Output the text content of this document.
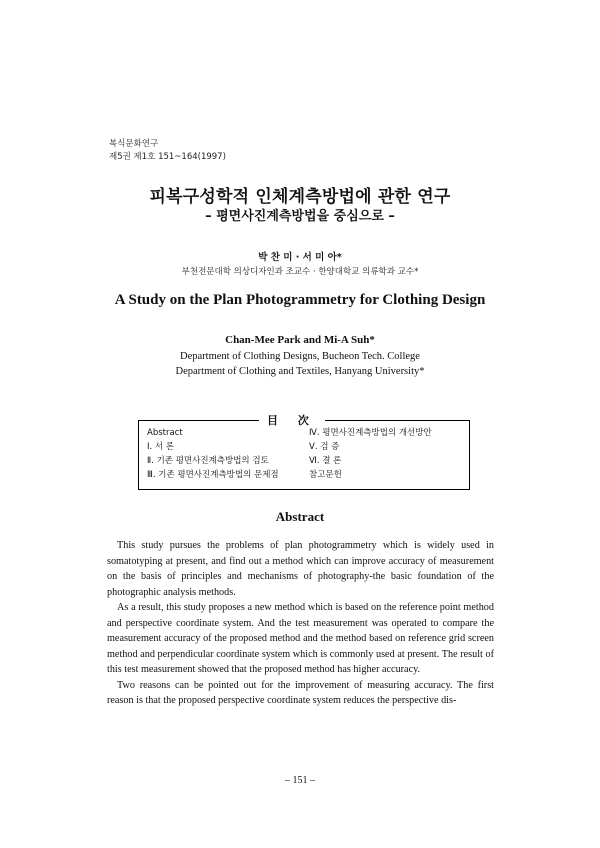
복식문화연구
제5권 제1호 151~164(1997)
피복구성학적 인체계측방법에 관한 연구
– 평면사진계측방법을 중심으로 –
박 찬 미 · 서 미 아*
부천전문대학 의상디자인과 조교수 · 한양대학교 의류학과 교수*
A Study on the Plan Photogrammetry for Clothing Design
Chan-Mee Park and Mi-A Suh*
Department of Clothing Designs, Bucheon Tech. College
Department of Clothing and Textiles, Hanyang University*
目 次
Abstract
Ⅰ. 서 론
Ⅱ. 기존 평면사진계측방법의 검토
Ⅲ. 기존 평면사진계측방법의 문제점
Ⅳ. 평면사진계측방법의 개선방안
Ⅴ. 검 증
Ⅵ. 결 론
참고문헌
Abstract

This study pursues the problems of plan photogrammetry which is widely used in somatotyping at present, and find out a method which can improve accuracy of measurement on the basis of principles and mechanisms of photography-the basic foundation of the photographic analysis methods.

As a result, this study proposes a new method which is based on the reference point method and perspective coordinate system. And the test measurement was operated to compare the measurement accuracy of the proposed method and the method based on reference grid screen method and perpendicular coordinate system which is commonly used at present. The result of this test measurement showed that the proposed method has higher accuracy.

Two reasons can be pointed out for the improvement of measuring accuracy. The first reason is that the proposed perspective coordinate system reduces the perspective dis-

– 151 –
